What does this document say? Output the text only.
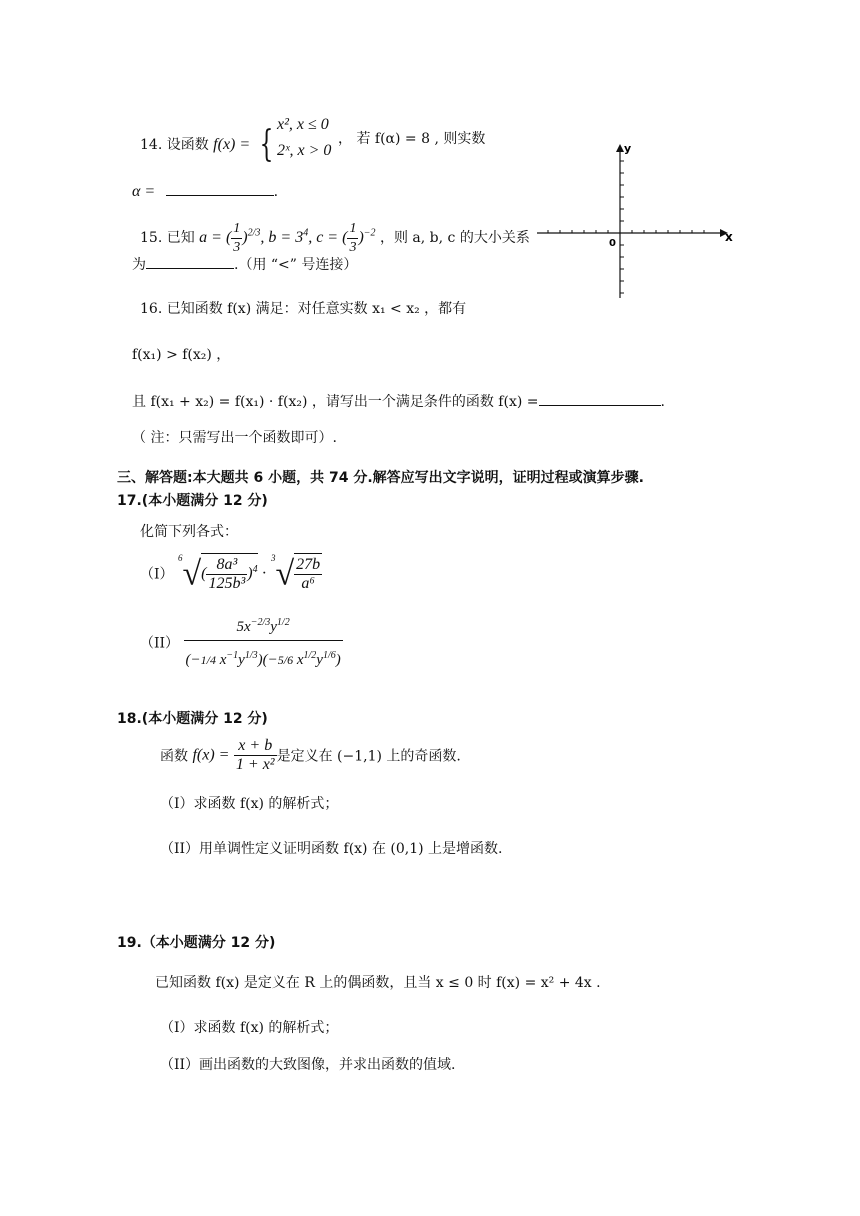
14. 设函数 f(x) = { x², x ≤ 0
2ˣ, x > 0
， 若 f(α) = 8 , 则实数
α =	.
15. 已知 a = ( $\frac{1}{3} )^{2/3}$, $b = 3^4$, c = ( $\frac{1}{3} )^{-2}$ ，则 a, b, c 的大小关系
为	.（用 “<” 号连接）
y
x
0
16. 已知函数 f(x) 满足：对任意实数 x₁ < x₂ ，都有
f(x₁) > f(x₂) ，
且 f(x₁ + x₂) = f(x₁) · f(x₂) ，请写出一个满足条件的函数 f(x) =	.
（ 注：只需写出一个函数即可）.
三、解答题:本大题共 6 小题，共 74 分.解答应写出文字说明，证明过程或演算步骤.
17.(本小题满分 12 分)
化简下列各式：
（I） $^6√( \frac{\text{8a³}}{\text{125b³}} )^4 \cdot ^3√ \frac{27b}{\text{a⁶}}$
$(II) \frac{5x^{-2/3}y^{1/2}}{(-1/4 x^{-1}y^{1/3})(-5/6 x^{1/2}y^{1/6})}$
18.(本小题满分 12 分)
函数 $f(x) = \frac{x + b}{\text{1 + x²}}$ 是定义在 (−1,1) 上的奇函数.
（I）求函数 f(x) 的解析式；
（II）用单调性定义证明函数 f(x) 在 (0,1) 上是增函数.
19.（本小题满分 12 分)
已知函数 f(x) 是定义在 R 上的偶函数，且当 x ≤ 0 时 f(x) = x² + 4x .
（I）求函数 f(x) 的解析式；
（II）画出函数的大致图像，并求出函数的值域.
